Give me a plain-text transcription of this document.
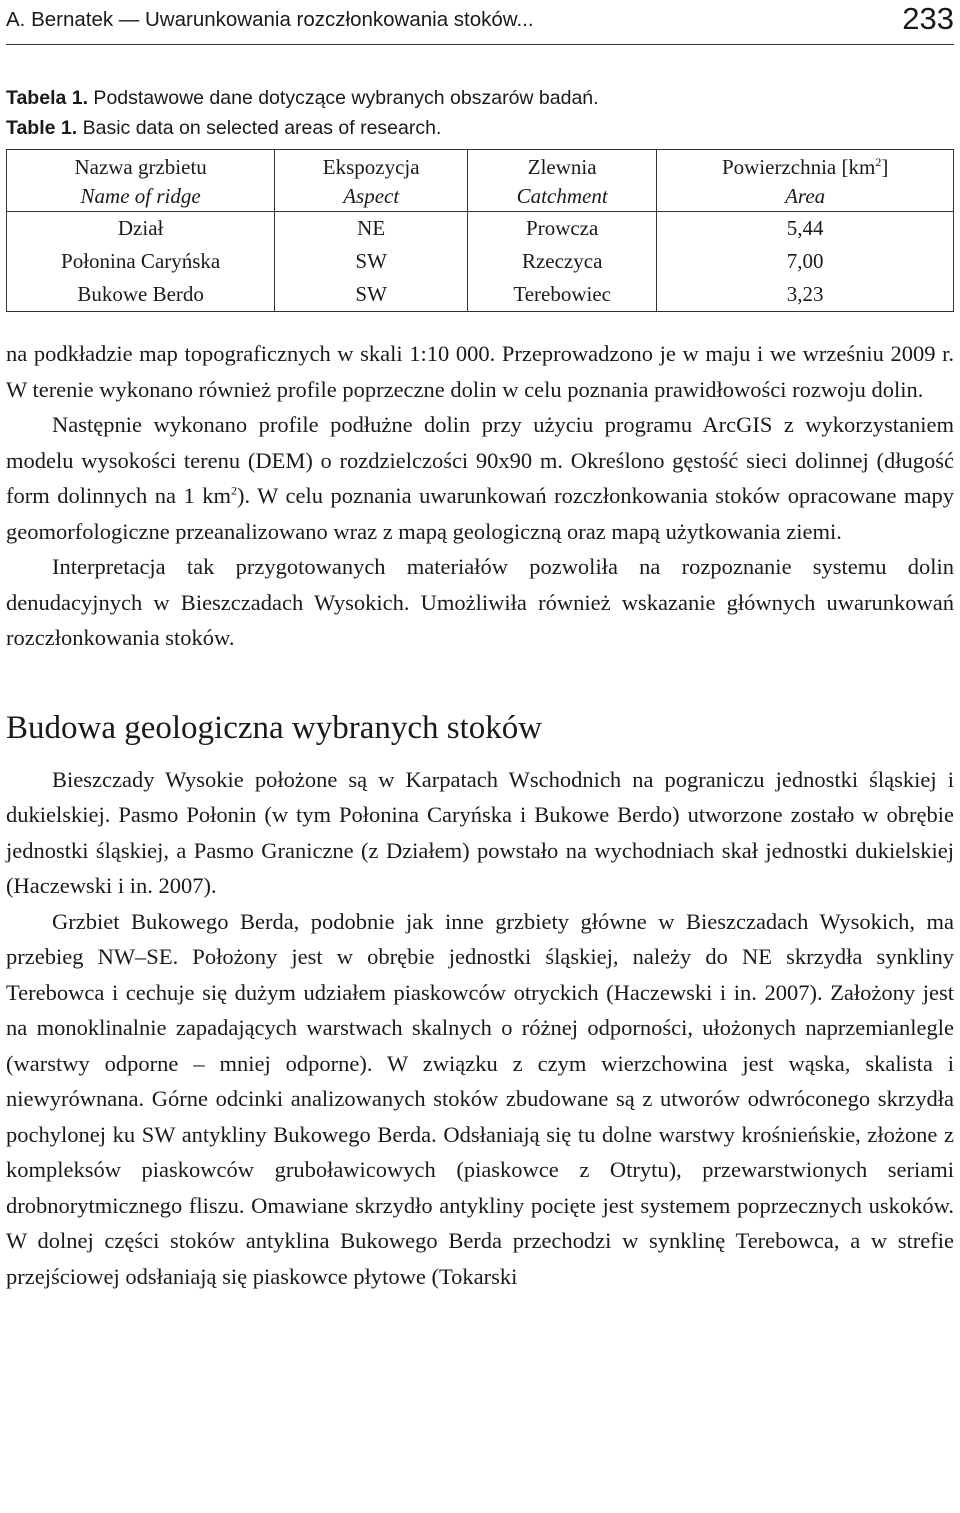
A. Bernatek — Uwarunkowania rozczłonkowania stoków...	233
Tabela 1. Podstawowe dane dotyczące wybranych obszarów badań.
Table 1. Basic data on selected areas of research.
Nazwa grzbietu	Ekspozycja	Zlewnia	Powierzchnia $[km^2]$
Name of ridge	Aspect	Catchment	Area
Dział	NE	Prowcza	5,44
Połonina Caryńska	SW	Rzeczyca	7,00
Bukowe Berdo	SW	Terebowiec	3,23

na podkładzie map topograficznych w skali 1:10 000. Przeprowadzono je w maju i we wrześniu 2009 r. W terenie wykonano również profile poprzeczne dolin w celu poznania prawidłowości rozwoju dolin.

Następnie wykonano profile podłużne dolin przy użyciu programu ArcGIS z wykorzystaniem modelu wysokości terenu (DEM) o rozdzielczości 90x90 m. Określono gęstość sieci dolinnej (długość form dolinnych na 1 $km^2$). W celu poznania uwarunkowań rozczłonkowania stoków opracowane mapy geomorfologiczne przeanalizowano wraz z mapą geologiczną oraz mapą użytkowania ziemi.

Interpretacja tak przygotowanych materiałów pozwoliła na rozpoznanie systemu dolin denudacyjnych w Bieszczadach Wysokich. Umożliwiła również wskazanie głównych uwarunkowań rozczłonkowania stoków.

Budowa geologiczna wybranych stoków

Bieszczady Wysokie położone są w Karpatach Wschodnich na pograniczu jednostki śląskiej i dukielskiej. Pasmo Połonin (w tym Połonina Caryńska i Bukowe Berdo) utworzone zostało w obrębie jednostki śląskiej, a Pasmo Graniczne (z Działem) powstało na wychodniach skał jednostki dukielskiej (Haczewski i in. 2007).

Grzbiet Bukowego Berda, podobnie jak inne grzbiety główne w Bieszczadach Wysokich, ma przebieg NW–SE. Położony jest w obrębie jednostki śląskiej, należy do NE skrzydła synkliny Terebowca i cechuje się dużym udziałem piaskowców otryckich (Haczewski i in. 2007). Założony jest na monoklinalnie zapadających warstwach skalnych o różnej odporności, ułożonych naprzemianlegle (warstwy odporne – mniej odporne). W związku z czym wierzchowina jest wąska, skalista i niewyrównana. Górne odcinki analizowanych stoków zbudowane są z utworów odwróconego skrzydła pochylonej ku SW antykliny Bukowego Berda. Odsłaniają się tu dolne warstwy krośnieńskie, złożone z kompleksów piaskowców gruboławicowych (piaskowce z Otrytu), przewarstwionych seriami drobnorytmicznego fliszu. Omawiane skrzydło antykliny pocięte jest systemem poprzecznych uskoków. W dolnej części stoków antyklina Bukowego Berda przechodzi w synklinę Terebowca, a w strefie przejściowej odsłaniają się piaskowce płytowe (Tokarski
